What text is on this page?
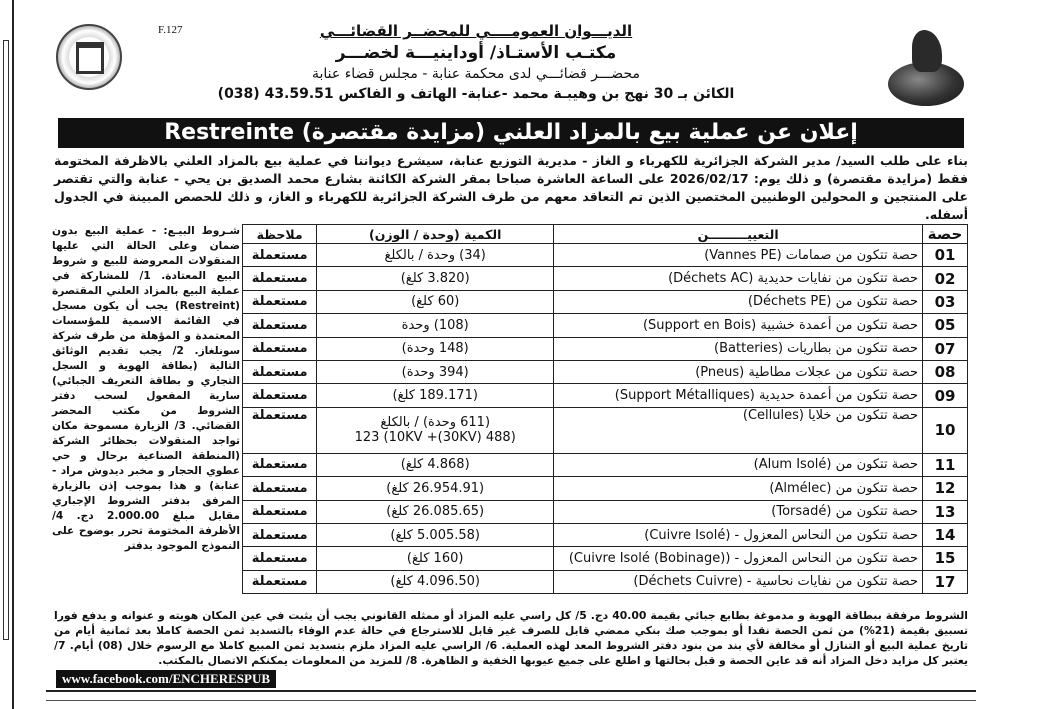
F.127	الديـــوان العمومــــي للمحضــر القضائـــي
مكتـب الأستـاذ/ أوداينيـــة لخضـــر
محضـــر قضائـــي لدى محكمة عنابة - مجلس قضاء عنابة
الكائن بـ 30 نهج بن وهيبـة محمد -عنابة- الهاتف و الفاكس 43.59.51 (038)
إعلان عن عملية بيع بالمزاد العلني (مزايدة مقتصرة) Restreinte
بناء على طلب السيد/ مدير الشركة الجزائرية للكهرباء و الغاز - مديرية التوزيع عنابة، سيشرع ديواننا في عملية بيع بالمزاد العلني بالاظرفة المختومة فقط (مزايدة مقتصرة) و ذلك يوم: 2026/02/17 على الساعة العاشرة صباحا بمقر الشركة الكائنة بشارع محمد الصديق بن يحي - عنابة والتي تقتصر على المنتجين و المحولين الوطنيين المختصين الذين تم التعاقد معهم من طرف الشركة الجزائرية للكهرباء و الغاز، و ذلك للحصص المبينة في الجدول أسفله.
شـروط البيـع: - عملية البيع بدون ضمان وعلى الحالة التي عليها المنقولات المعروضة للبيع و شروط البيع المعتادة. 1/ للمشاركة في عملية البيع بالمزاد العلني المقتصرة (Restreint) يجب أن يكون مسجل في القائمة الاسمية للمؤسسات المعتمدة و المؤهلة من طرف شركة سونلغاز. 2/ يجب تقديم الوثائق التالية (بطاقة الهوية و السجل التجاري و بطاقة التعريف الجبائي) سارية المفعول لسحب دفتر الشروط من مكتب المحضر القضائي. 3/ الزيارة مسموحة مكان تواجد المنقولات بحظائر الشركة (المنطقة الصناعية برحال و حي عطوي الحجار و مخبر ديدوش مراد - عنابة) و هذا بموجب إذن بالزيارة المرفق بدفتر الشروط الإجباري مقابل مبلغ 2.000.00 دج. 4/ الأظرفة المختومة تحرر بوضوح على النموذج الموجود بدفتر
حصة	التعييـــــــــن	الكمية (وحدة / الوزن)	ملاحظة
01	حصة تتكون من صمامات (Vannes PE)	(34) وحدة / بالكلغ	مستعملة
02	حصة تتكون من نفايات حديدية (Déchets AC)	(3.820 كلغ)	مستعملة
03	حصة تتكون من (Déchets PE)	(60 كلغ)	مستعملة
05	حصة تتكون من أعمدة خشبية (Support en Bois)	(108) وحدة	مستعملة
07	حصة تتكون من بطاريات (Batteries)	(148 وحدة)	مستعملة
08	حصة تتكون من عجلات مطاطية (Pneus)	(394 وحدة)	مستعملة
09	حصة تتكون من أعمدة حديدية (Support Métalliques)	(189.171 كلغ)	مستعملة
10	حصة تتكون من خلايا (Cellules)	(611 وحدة) / بالكلغ
(488 (30KV)+ 123 (10KV	مستعملة
11	حصة تتكون من (Alum Isolé)	(4.868 كلغ)	مستعملة
12	حصة تتكون من (Almélec)	(26.954.91 كلغ)	مستعملة
13	حصة تتكون من (Torsadé)	(26.085.65 كلغ)	مستعملة
14	حصة تتكون من النحاس المعزول - (Cuivre Isolé)	(5.005.58 كلغ)	مستعملة
15	حصة تتكون من النحاس المعزول - (Cuivre Isolé (Bobinage))	(160 كلغ)	مستعملة
17	حصة تتكون من نفايات نحاسية - (Déchets Cuivre)	(4.096.50 كلغ)	مستعملة
الشروط مرفقة ببطاقة الهوية و مدموغة بطابع جبائي بقيمة 40.00 دج. 5/ كل راسي عليه المزاد أو ممثله القانوني يجب أن يثبت في عين المكان هويته و عنوانه و يدفع فورا تسبيق بقيمة (21%) من ثمن الحصة نقدا أو بموجب صك بنكي ممضي قابل للصرف غير قابل للاسترجاع في حالة عدم الوفاء بالتسديد ثمن الحصة كاملا بعد ثمانية أيام من تاريخ عملية البيع أو التنازل أو مخالفة لأي بند من بنود دفتر الشروط المعد لهذه العملية. 6/ الراسي عليه المزاد ملزم بتسديد ثمن المبيع كاملا مع الرسوم خلال (08) أيام. 7/ يعتبر كل مزايد دخل المزاد أنه قد عاين الحصة و قبل بحالتها و اطلع على جميع عيوبها الخفية و الظاهرة. 8/ للمزيد من المعلومات يمكنكم الاتصال بالمكتب.
www.facebook.com/ENCHERESPUB
